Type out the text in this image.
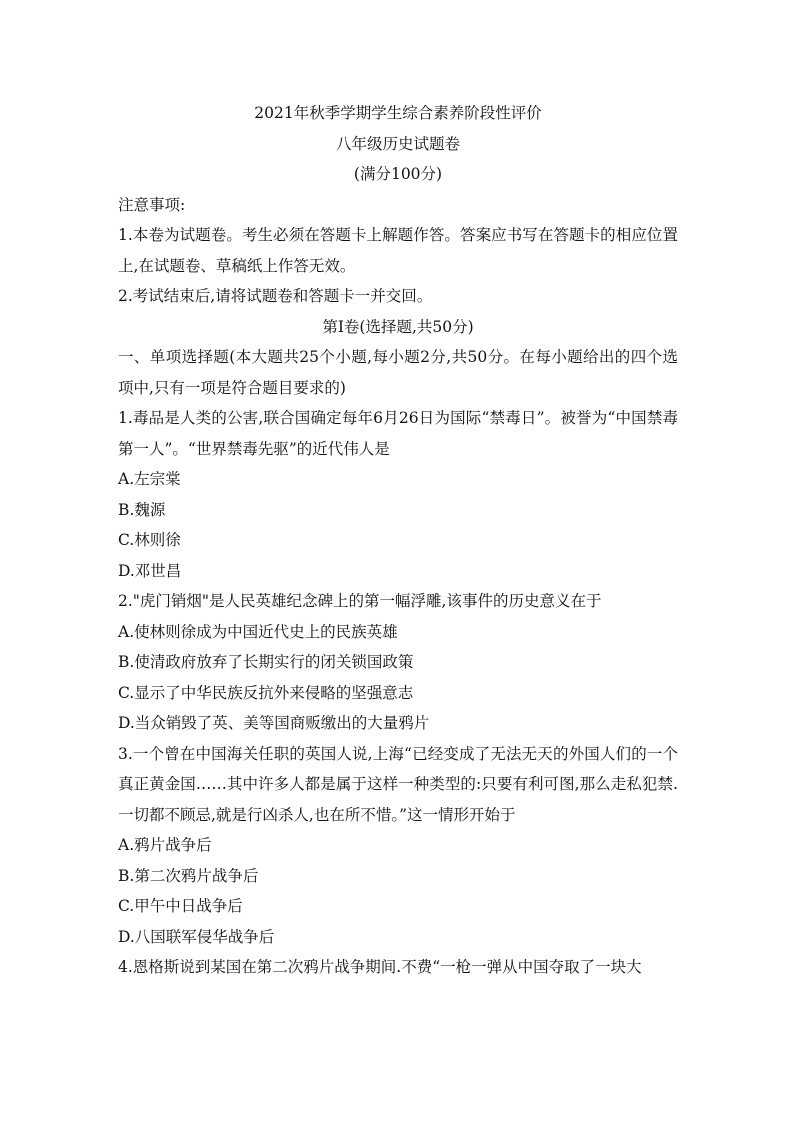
2021年秋季学期学生综合素养阶段性评价

八年级历史试题卷

(满分100分)

注意事项:

1.本卷为试题卷。考生必须在答题卡上解题作答。答案应书写在答题卡的相应位置上,在试题卷、草稿纸上作答无效。

2.考试结束后,请将试题卷和答题卡一并交回。

第Ⅰ卷(选择题,共50分)

一、单项选择题(本大题共25个小题,每小题2分,共50分。在每小题给出的四个选项中,只有一项是符合题目要求的)

1.毒品是人类的公害,联合国确定每年6月26日为国际“禁毒日”。被誉为“中国禁毒第一人”。“世界禁毒先驱”的近代伟人是

A.左宗棠

B.魏源

C.林则徐

D.邓世昌

2."虎门销烟"是人民英雄纪念碑上的第一幅浮雕,该事件的历史意义在于

A.使林则徐成为中国近代史上的民族英雄

B.使清政府放弃了长期实行的闭关锁国政策

C.显示了中华民族反抗外来侵略的坚强意志

D.当众销毁了英、美等国商贩缴出的大量鸦片

3.一个曾在中国海关任职的英国人说,上海“已经变成了无法无天的外国人们的一个真正黄金国……其中许多人都是属于这样一种类型的:只要有利可图,那么走私犯禁.一切都不顾忌,就是行凶杀人,也在所不惜。”这一情形开始于

A.鸦片战争后

B.第二次鸦片战争后

C.甲午中日战争后

D.八国联军侵华战争后

4.恩格斯说到某国在第二次鸦片战争期间.不费“一枪一弹从中国夺取了一块大
